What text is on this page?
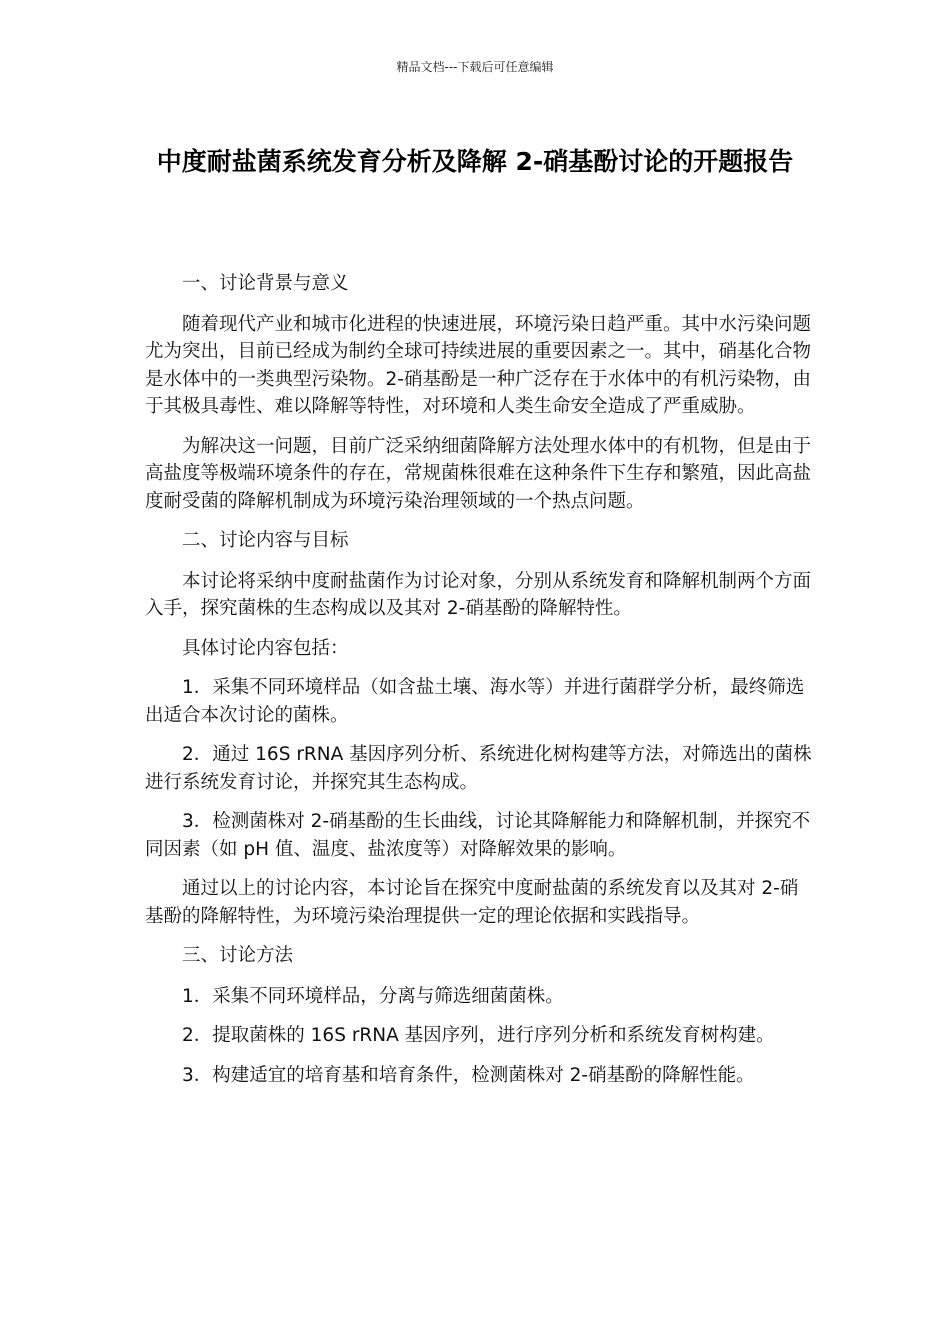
精品文档---下载后可任意编辑
中度耐盐菌系统发育分析及降解 2-硝基酚讨论的开题报告

一、讨论背景与意义

随着现代产业和城市化进程的快速进展，环境污染日趋严重。其中水污染问题尤为突出，目前已经成为制约全球可持续进展的重要因素之一。其中，硝基化合物是水体中的一类典型污染物。2-硝基酚是一种广泛存在于水体中的有机污染物，由于其极具毒性、难以降解等特性，对环境和人类生命安全造成了严重威胁。

为解决这一问题，目前广泛采纳细菌降解方法处理水体中的有机物，但是由于高盐度等极端环境条件的存在，常规菌株很难在这种条件下生存和繁殖，因此高盐度耐受菌的降解机制成为环境污染治理领域的一个热点问题。

二、讨论内容与目标

本讨论将采纳中度耐盐菌作为讨论对象，分别从系统发育和降解机制两个方面入手，探究菌株的生态构成以及其对 2-硝基酚的降解特性。

具体讨论内容包括：

1．采集不同环境样品（如含盐土壤、海水等）并进行菌群学分析，最终筛选出适合本次讨论的菌株。

2．通过 16S rRNA 基因序列分析、系统进化树构建等方法，对筛选出的菌株进行系统发育讨论，并探究其生态构成。

3．检测菌株对 2-硝基酚的生长曲线，讨论其降解能力和降解机制，并探究不同因素（如 pH 值、温度、盐浓度等）对降解效果的影响。

通过以上的讨论内容，本讨论旨在探究中度耐盐菌的系统发育以及其对 2-硝基酚的降解特性，为环境污染治理提供一定的理论依据和实践指导。

三、讨论方法

1．采集不同环境样品，分离与筛选细菌菌株。

2．提取菌株的 16S rRNA 基因序列，进行序列分析和系统发育树构建。

3．构建适宜的培育基和培育条件，检测菌株对 2-硝基酚的降解性能。
